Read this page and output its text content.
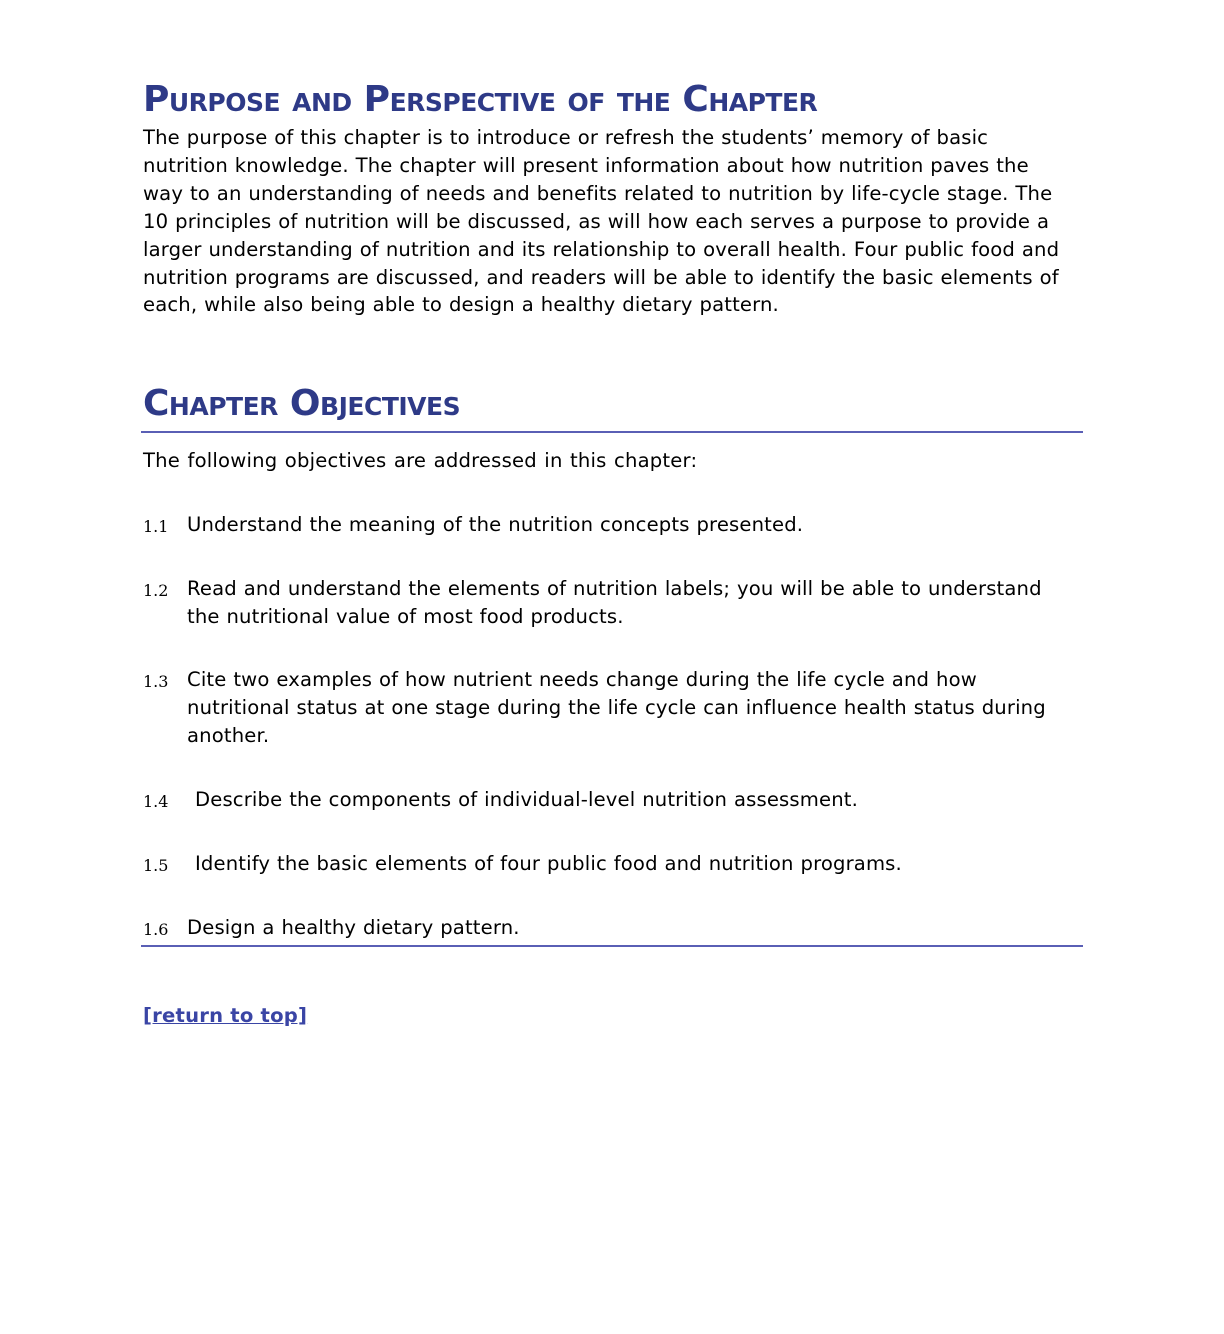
Purpose and Perspective of the Chapter

The purpose of this chapter is to introduce or refresh the students’ memory of basic nutrition knowledge. The chapter will present information about how nutrition paves the way to an understanding of needs and benefits related to nutrition by life-cycle stage. The 10 principles of nutrition will be discussed, as will how each serves a purpose to provide a larger understanding of nutrition and its relationship to overall health. Four public food and nutrition programs are discussed, and readers will be able to identify the basic elements of each, while also being able to design a healthy dietary pattern.

Chapter Objectives

The following objectives are addressed in this chapter:

1.1 Understand the meaning of the nutrition concepts presented.
1.2 Read and understand the elements of nutrition labels; you will be able to understand the nutritional value of most food products.
1.3 Cite two examples of how nutrient needs change during the life cycle and how nutritional status at one stage during the life cycle can influence health status during another.
1.4 Describe the components of individual-level nutrition assessment.
1.5 Identify the basic elements of four public food and nutrition programs.
1.6 Design a healthy dietary pattern.
[return to top]
